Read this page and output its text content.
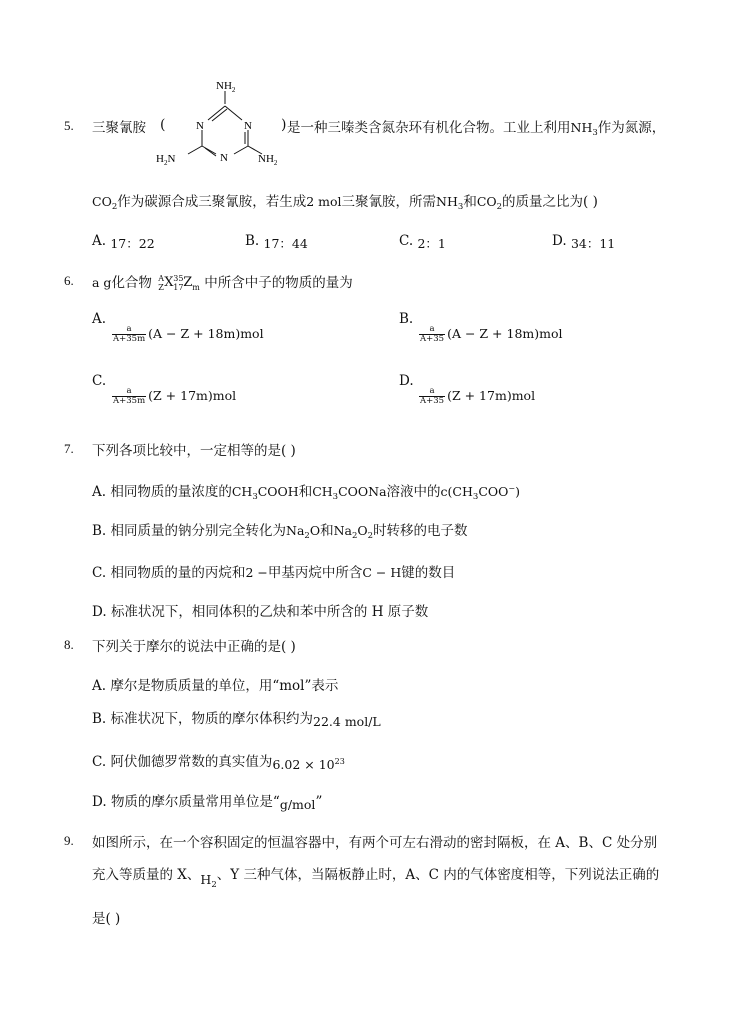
5. 三聚氰胺 (
$NH_2$
N	N
N
$H_2N$	$NH_2$
) 是一种三嗪类含氮杂环有机化合物。工业上利用$NH_3$作为氮源，
$CO_2$作为碳源合成三聚氰胺，若生成2 mol三聚氰胺，所需$NH_3$和$CO_2$的质量之比为( )
A. 17：22	B. 17：44	C. 2：1	D. 34：11
6. a g化合物 A
Z X 35
17 Z m 中所含中子的物质的量为
A.
$\frac{a}{A+35m} (A - Z + 18m)mol$
B.
$\frac{a}{A+35} (A - Z + 18m)mol$
C.
$\frac{a}{A+35m} (Z + 17m)mol$
D.
$\frac{a}{A+35} (Z + 17m)mol$
7. 下列各项比较中，一定相等的是( )
A. 相同物质的量浓度的$CH_3COOH$和$CH_3COONa$溶液中的$c(CH_3COO^-)$
B. 相同质量的钠分别完全转化为$Na_2O$和$Na_2O_2$时转移的电子数
C. 相同物质的量的丙烷和2 −甲基丙烷中所含C − H键的数目
D. 标准状况下，相同体积的乙炔和苯中所含的 H 原子数
8. 下列关于摩尔的说法中正确的是( )
A. 摩尔是物质质量的单位，用“mol”表示
B. 标准状况下，物质的摩尔体积约为22.4 mol/L
C. 阿伏伽德罗常数的真实值为$6.02 \times 10^{23}$
D. 物质的摩尔质量常用单位是“g/mol”
9. 如图所示，在一个容积固定的恒温容器中，有两个可左右滑动的密封隔板，在 A、B、C 处分别
充入等质量的 X、$H_2$、Y 三种气体，当隔板静止时，A、C 内的气体密度相等，下列说法正确的
是( )
